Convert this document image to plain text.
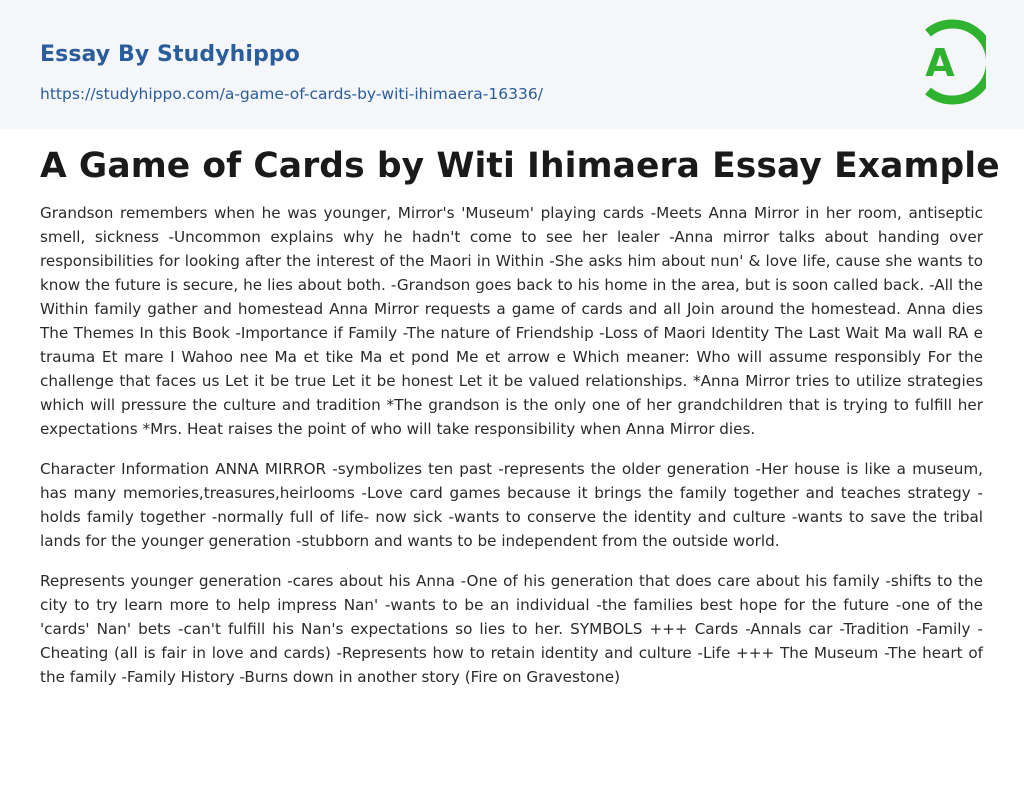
Essay By Studyhippo
https://studyhippo.com/a-game-of-cards-by-witi-ihimaera-16336/
A
A Game of Cards by Witi Ihimaera Essay Example

Grandson remembers when he was younger, Mirror's 'Museum' playing cards -Meets Anna Mirror in her room, antiseptic smell, sickness -Uncommon explains why he hadn't come to see her lealer -Anna mirror talks about handing over responsibilities for looking after the interest of the Maori in Within -She asks him about nun' & love life, cause she wants to know the future is secure, he lies about both. -Grandson goes back to his home in the area, but is soon called back. -All the Within family gather and homestead Anna Mirror requests a game of cards and all Join around the homestead. Anna dies The Themes In this Book -Importance if Family -The nature of Friendship -Loss of Maori Identity The Last Wait Ma wall RA e trauma Et mare I Wahoo nee Ma et tike Ma et pond Me et arrow e Which meaner: Who will assume responsibly For the challenge that faces us Let it be true Let it be honest Let it be valued relationships. *Anna Mirror tries to utilize strategies which will pressure the culture and tradition *The grandson is the only one of her grandchildren that is trying to fulfill her expectations *Mrs. Heat raises the point of who will take responsibility when Anna Mirror dies.

Character Information ANNA MIRROR -symbolizes ten past -represents the older generation -Her house is like a museum, has many memories,treasures,heirlooms -Love card games because it brings the family together and teaches strategy -holds family together -normally full of life- now sick -wants to conserve the identity and culture -wants to save the tribal lands for the younger generation -stubborn and wants to be independent from the outside world.

Represents younger generation -cares about his Anna -One of his generation that does care about his family -shifts to the city to try learn more to help impress Nan' -wants to be an individual -the families best hope for the future -one of the 'cards' Nan' bets -can't fulfill his Nan's expectations so lies to her. SYMBOLS +++ Cards -Annals car -Tradition -Family -Cheating (all is fair in love and cards) -Represents how to retain identity and culture -Life +++ The Museum -The heart of the family -Family History -Burns down in another story (Fire on Gravestone)
